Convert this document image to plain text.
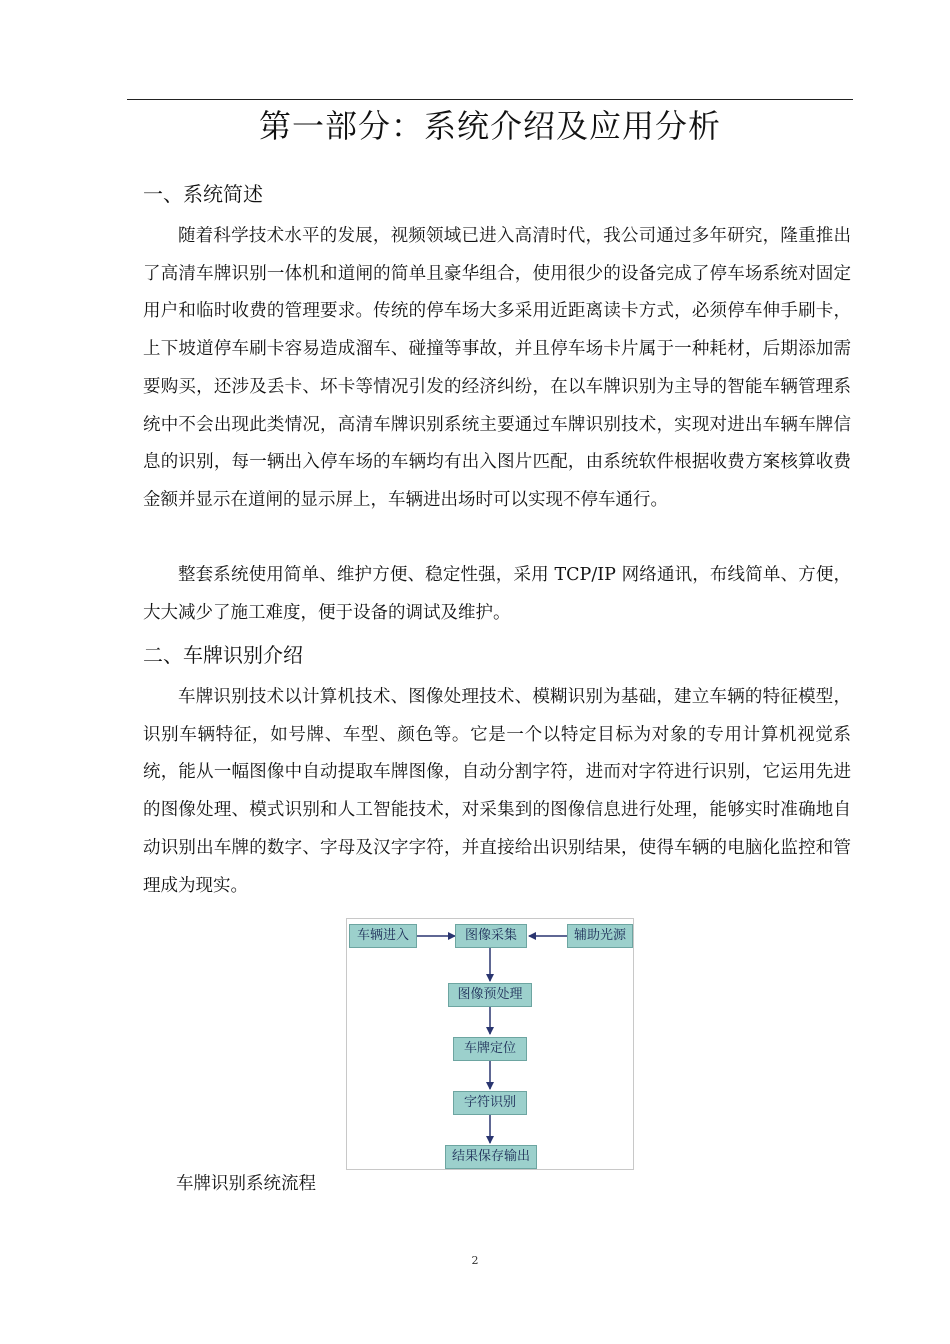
第一部分：系统介绍及应用分析
一、系统简述

随着科学技术水平的发展，视频领域已进入高清时代，我公司通过多年研究，隆重推出了高清车牌识别一体机和道闸的简单且豪华组合，使用很少的设备完成了停车场系统对固定用户和临时收费的管理要求。传统的停车场大多采用近距离读卡方式，必须停车伸手刷卡，上下坡道停车刷卡容易造成溜车、碰撞等事故，并且停车场卡片属于一种耗材，后期添加需要购买，还涉及丢卡、坏卡等情况引发的经济纠纷，在以车牌识别为主导的智能车辆管理系统中不会出现此类情况，高清车牌识别系统主要通过车牌识别技术，实现对进出车辆车牌信息的识别，每一辆出入停车场的车辆均有出入图片匹配，由系统软件根据收费方案核算收费金额并显示在道闸的显示屏上，车辆进出场时可以实现不停车通行。

整套系统使用简单、维护方便、稳定性强，采用 TCP/IP 网络通讯，布线简单、方便，大大减少了施工难度，便于设备的调试及维护。

二、车牌识别介绍

车牌识别技术以计算机技术、图像处理技术、模糊识别为基础，建立车辆的特征模型，识别车辆特征，如号牌、车型、颜色等。它是一个以特定目标为对象的专用计算机视觉系统，能从一幅图像中自动提取车牌图像，自动分割字符，进而对字符进行识别，它运用先进的图像处理、模式识别和人工智能技术，对采集到的图像信息进行处理，能够实时准确地自动识别出车牌的数字、字母及汉字字符，并直接给出识别结果，使得车辆的电脑化监控和管理成为现实。

车辆进入	图像采集	辅助光源
图像预处理
车牌定位
字符识别
结果保存输出
车牌识别系统流程
2
